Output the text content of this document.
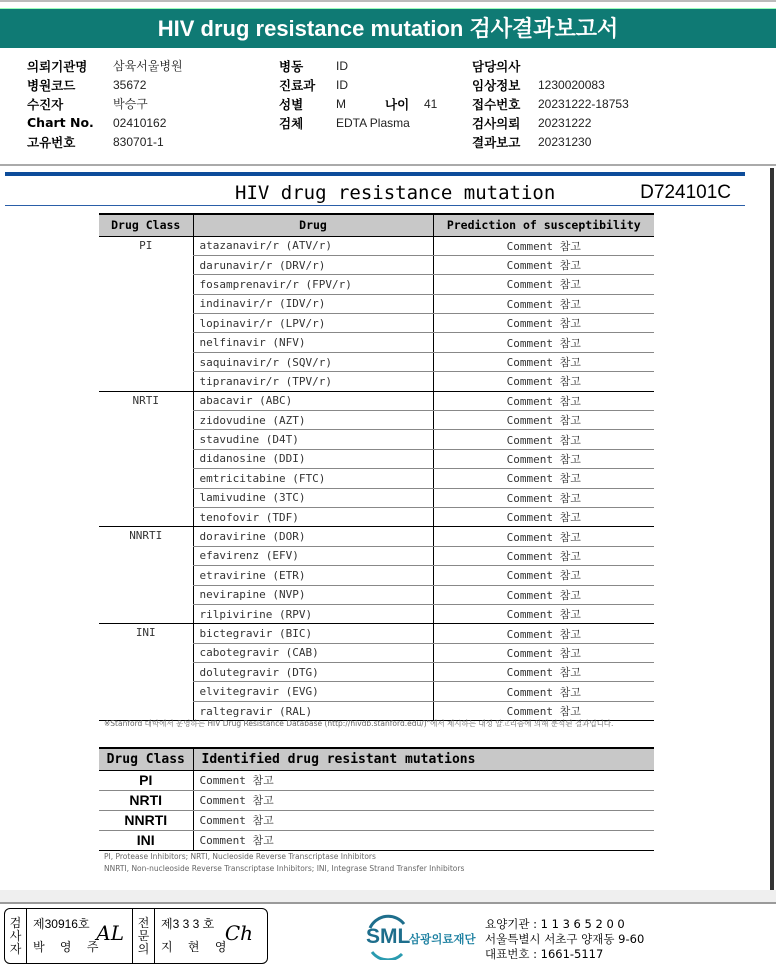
HIV drug resistance mutation 검사결과보고서
의뢰기관명	삼육서울병원
병원코드	35672
수진자	박승구
Chart No.	02410162
고유번호	830701-1
병동	ID
진료과	ID
성별	M	나이	41
검체	EDTA Plasma
담당의사
임상정보	1230020083
접수번호	20231222-18753
검사의뢰	20231222
결과보고	20231230
HIV drug resistance mutation	D724101C
Drug Class	Drug	Prediction of susceptibility
PI	atazanavir/r (ATV/r)	Comment 참고
	darunavir/r (DRV/r)	Comment 참고
	fosamprenavir/r (FPV/r)	Comment 참고
	indinavir/r (IDV/r)	Comment 참고
	lopinavir/r (LPV/r)	Comment 참고
	nelfinavir (NFV)	Comment 참고
	saquinavir/r (SQV/r)	Comment 참고
	tipranavir/r (TPV/r)	Comment 참고
NRTI	abacavir (ABC)	Comment 참고
	zidovudine (AZT)	Comment 참고
	stavudine (D4T)	Comment 참고
	didanosine (DDI)	Comment 참고
	emtricitabine (FTC)	Comment 참고
	lamivudine (3TC)	Comment 참고
	tenofovir (TDF)	Comment 참고
NNRTI	doravirine (DOR)	Comment 참고
	efavirenz (EFV)	Comment 참고
	etravirine (ETR)	Comment 참고
	nevirapine (NVP)	Comment 참고
	rilpivirine (RPV)	Comment 참고
INI	bictegravir (BIC)	Comment 참고
	cabotegravir (CAB)	Comment 참고
	dolutegravir (DTG)	Comment 참고
	elvitegravir (EVG)	Comment 참고
	raltegravir (RAL)	Comment 참고
※Stanford 대학에서 운영하는 HIV Drug Resistance Database (http://hivdb.stanford.edu/)"에서 제시하는 내성 알고리즘에 의해 분석된 결과입니다.
Drug Class	Identified drug resistant mutations
PI	Comment 참고
NRTI	Comment 참고
NNRTI	Comment 참고
INI	Comment 참고
PI, Protease Inhibitors; NRTI, Nucleoside Reverse Transcriptase Inhibitors
NNRTI, Non-nucleoside Reverse Transcriptase Inhibitors; INI, Integrase Strand Transfer Inhibitors
검
사
자
제30916호
박 영 주
AL 전
문
의
제3 3 3 호
지 현 영
Ch	SML
삼광의료재단
요양기관 : 1 1 3 6 5 2 0 0
서울특별시 서초구 양재동 9-60
대표번호 : 1661-5117
